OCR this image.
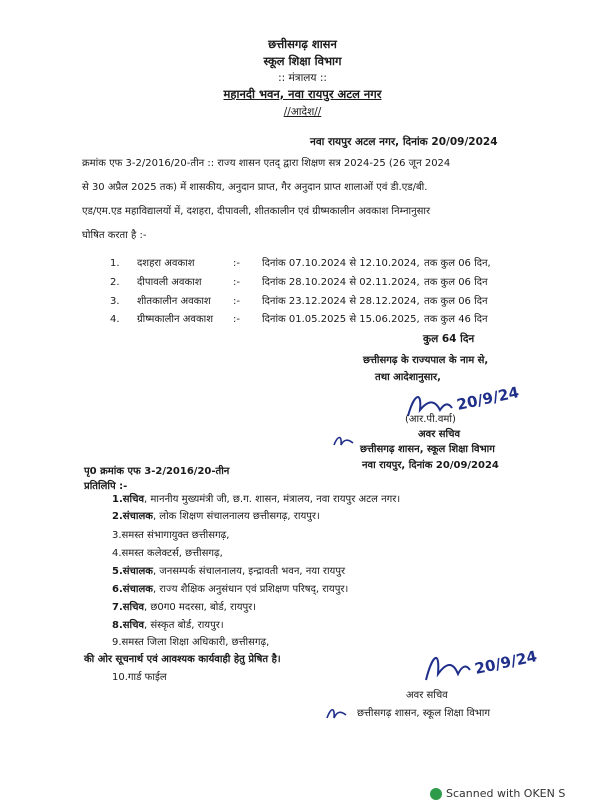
छत्तीसगढ़ शासन
स्कूल शिक्षा विभाग
:: मंत्रालय ::
महानदी भवन, नवा रायपुर अटल नगर
//आदेश//
नवा रायपुर अटल नगर, दिनांक 20/09/2024
क्रमांक एफ 3-2/2016/20-तीन :: राज्य शासन एतद् द्वारा शिक्षण सत्र 2024-25 (26 जून 2024
से 30 अप्रैल 2025 तक) में शासकीय, अनुदान प्राप्त, गैर अनुदान प्राप्त शालाओं एवं डी.एड/बी.
एड/एम.एड महाविद्यालयों में, दशहरा, दीपावली, शीतकालीन एवं ग्रीष्मकालीन अवकाश निम्नानुसार
घोषित करता है :-
1. दशहरा अवकाश	:- दिनांक 07.10.2024 से 12.10.2024, तक कुल 06 दिन,
2. दीपावली अवकाश	:- दिनांक 28.10.2024 से 02.11.2024, तक कुल 06 दिन
3. शीतकालीन अवकाश :- दिनांक 23.12.2024 से 28.12.2024, तक कुल 06 दिन
4. ग्रीष्मकालीन अवकाश :- दिनांक 01.05.2025 से 15.06.2025, तक कुल 46 दिन
कुल 64 दिन
छत्तीसगढ़ के राज्यपाल के नाम से,
तथा आदेशानुसार,
20/9/24
(आर.पी.वर्मा)
अवर सचिव
छत्तीसगढ़ शासन, स्कूल शिक्षा विभाग
नवा रायपुर, दिनांक 20/09/2024
पृ0 क्रमांक एफ 3-2/2016/20-तीन
प्रतिलिपि :-
1.सचिव, माननीय मुख्यमंत्री जी, छ.ग. शासन, मंत्रालय, नवा रायपुर अटल नगर।
2.संचालक, लोक शिक्षण संचालनालय छत्तीसगढ़, रायपुर।
3.समस्त संभागायुक्त छत्तीसगढ़,
4.समस्त कलेक्टर्स, छत्तीसगढ़,
5.संचालक, जनसम्पर्क संचालनालय, इन्द्रावती भवन, नया रायपुर
6.संचालक, राज्य शैक्षिक अनुसंधान एवं प्रशिक्षण परिषद्, रायपुर।
7.सचिव, छ0ग0 मदरसा, बोर्ड, रायपुर।
8.सचिव, संस्कृत बोर्ड, रायपुर।
9.समस्त जिला शिक्षा अधिकारी, छत्तीसगढ़,
की ओर सूचनार्थ एवं आवश्यक कार्यवाही हेतु प्रेषित है।
10.गार्ड फाईल	20/9/24
अवर सचिव
छत्तीसगढ़ शासन, स्कूल शिक्षा विभाग
Scanned with OKEN S
